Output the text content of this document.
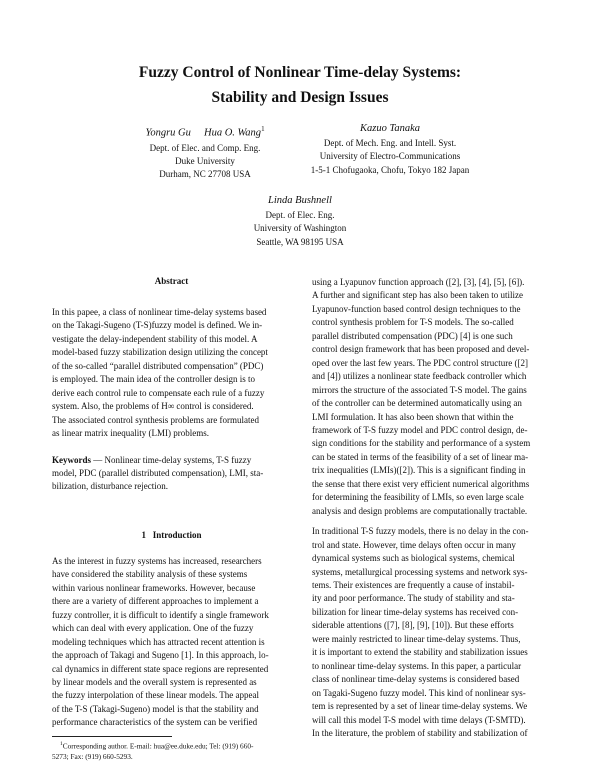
Fuzzy Control of Nonlinear Time-delay Systems:
Stability and Design Issues
Yongru Gu     Hua O. Wang$^1$
Dept. of Elec. and Comp. Eng.
Duke University
Durham, NC 27708 USA
Kazuo Tanaka
Dept. of Mech. Eng. and Intell. Syst.
University of Electro-Communications
1-5-1 Chofugaoka, Chofu, Tokyo 182 Japan
Linda Bushnell
Dept. of Elec. Eng.
University of Washington
Seattle, WA 98195 USA
Abstract
In this papee, a class of nonlinear time-delay systems based
on the Takagi-Sugeno (T-S)fuzzy model is defined. We in-
vestigate the delay-independent stability of this model. A
model-based fuzzy stabilization design utilizing the concept
of the so-called “parallel distributed compensation” (PDC)
is employed. The main idea of the controller design is to
derive each control rule to compensate each rule of a fuzzy
system. Also, the problems of H∞ control is considered.
The associated control synthesis problems are formulated
as linear matrix inequality (LMI) problems.
Keywords — Nonlinear time-delay systems, T-S fuzzy
model, PDC (parallel distributed compensation), LMI, sta-
bilization, disturbance rejection.
1   Introduction
As the interest in fuzzy systems has increased, researchers
have considered the stability analysis of these systems
within various nonlinear frameworks. However, because
there are a variety of different approaches to implement a
fuzzy controller, it is difficult to identify a single framework
which can deal with every application. One of the fuzzy
modeling techniques which has attracted recent attention is
the approach of Takagi and Sugeno [1]. In this approach, lo-
cal dynamics in different state space regions are represented
by linear models and the overall system is represented as
the fuzzy interpolation of these linear models. The appeal
of the T-S (Takagi-Sugeno) model is that the stability and
performance characteristics of the system can be verified
$^1$Corresponding author. E-mail: hua@ee.duke.edu; Tel: (919) 660-
5273; Fax: (919) 660-5293.
using a Lyapunov function approach ([2], [3], [4], [5], [6]).
A further and significant step has also been taken to utilize
Lyapunov-function based control design techniques to the
control synthesis problem for T-S models. The so-called
parallel distributed compensation (PDC) [4] is one such
control design framework that has been proposed and devel-
oped over the last few years. The PDC control structure ([2]
and [4]) utilizes a nonlinear state feedback controller which
mirrors the structure of the associated T-S model. The gains
of the controller can be determined automatically using an
LMI formulation. It has also been shown that within the
framework of T-S fuzzy model and PDC control design, de-
sign conditions for the stability and performance of a system
can be stated in terms of the feasibility of a set of linear ma-
trix inequalities (LMIs)([2]). This is a significant finding in
the sense that there exist very efficient numerical algorithms
for determining the feasibility of LMIs, so even large scale
analysis and design problems are computationally tractable.
In traditional T-S fuzzy models, there is no delay in the con-
trol and state. However, time delays often occur in many
dynamical systems such as biological systems, chemical
systems, metallurgical processing systems and network sys-
tems. Their existences are frequently a cause of instabil-
ity and poor performance. The study of stability and sta-
bilization for linear time-delay systems has received con-
siderable attentions ([7], [8], [9], [10]). But these efforts
were mainly restricted to linear time-delay systems. Thus,
it is important to extend the stability and stabilization issues
to nonlinear time-delay systems. In this paper, a particular
class of nonlinear time-delay systems is considered based
on Tagaki-Sugeno fuzzy model. This kind of nonlinear sys-
tem is represented by a set of linear time-delay systems. We
will call this model T-S model with time delays (T-SMTD).
In the literature, the problem of stability and stabilization of
